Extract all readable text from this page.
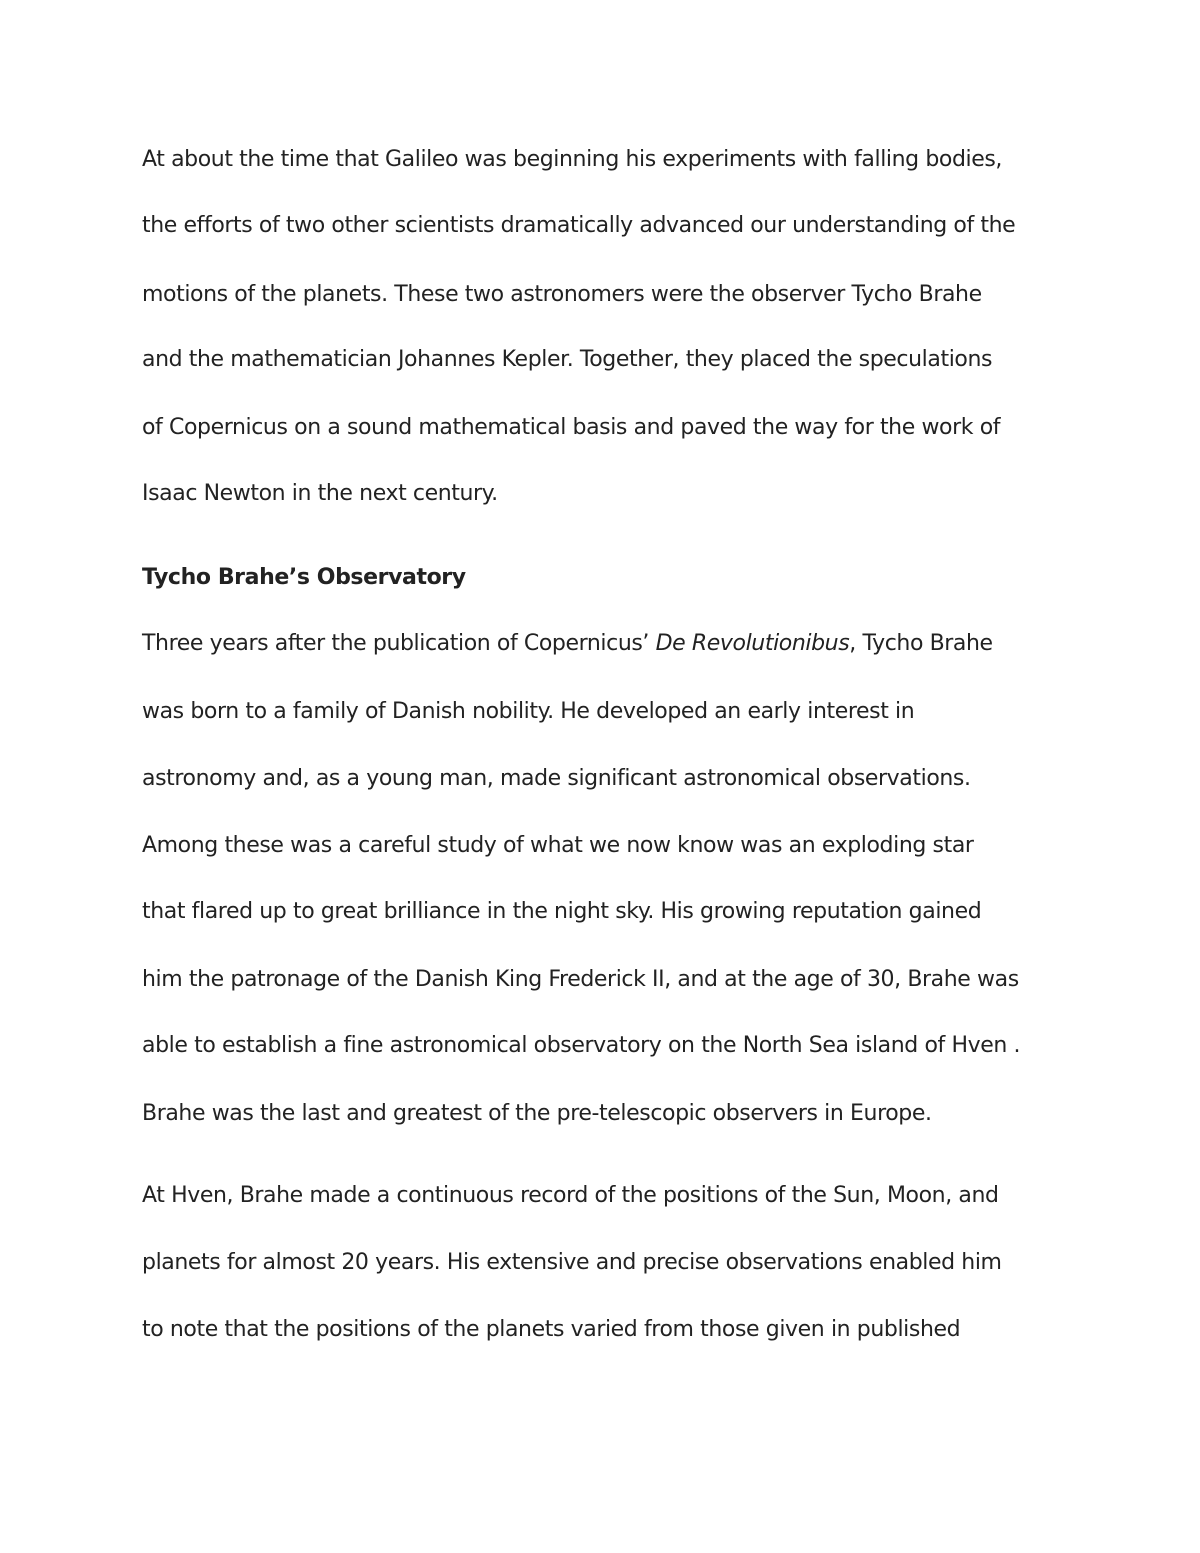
At about the time that Galileo was beginning his experiments with falling bodies,
the efforts of two other scientists dramatically advanced our understanding of the
motions of the planets. These two astronomers were the observer Tycho Brahe
and the mathematician Johannes Kepler. Together, they placed the speculations
of Copernicus on a sound mathematical basis and paved the way for the work of
Isaac Newton in the next century.
Tycho Brahe’s Observatory
Three years after the publication of Copernicus’ De Revolutionibus, Tycho Brahe
was born to a family of Danish nobility. He developed an early interest in
astronomy and, as a young man, made significant astronomical observations.
Among these was a careful study of what we now know was an exploding star
that flared up to great brilliance in the night sky. His growing reputation gained
him the patronage of the Danish King Frederick II, and at the age of 30, Brahe was
able to establish a fine astronomical observatory on the North Sea island of Hven .
Brahe was the last and greatest of the pre-telescopic observers in Europe.
At Hven, Brahe made a continuous record of the positions of the Sun, Moon, and
planets for almost 20 years. His extensive and precise observations enabled him
to note that the positions of the planets varied from those given in published
